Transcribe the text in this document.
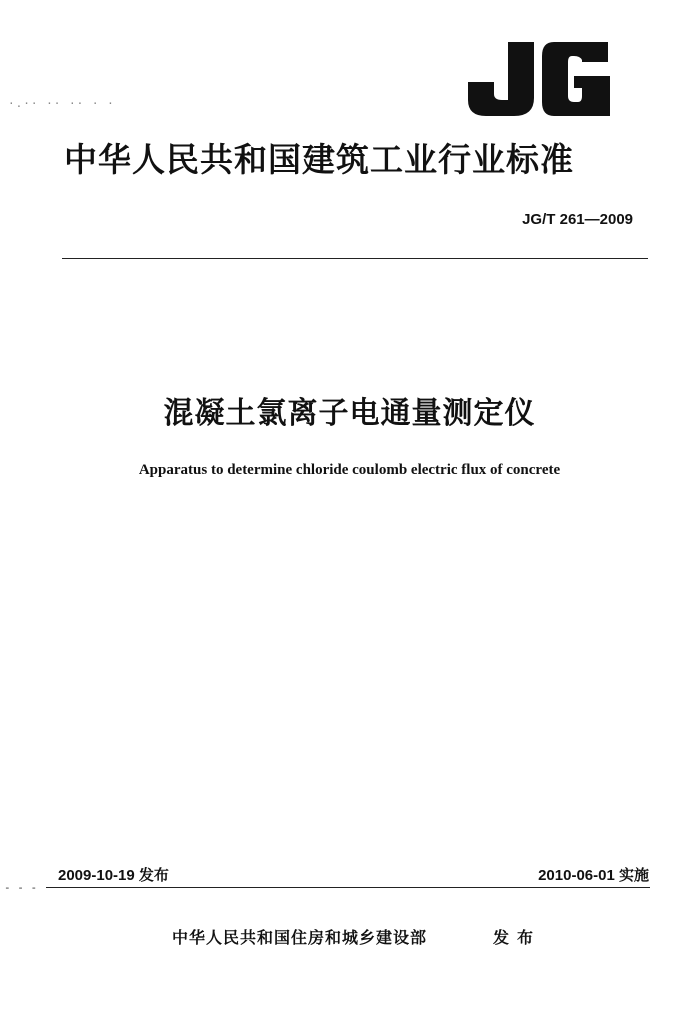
·.·· ·· ·· · ·
中华人民共和国建筑工业行业标准
JG/T 261—2009
混凝土氯离子电通量测定仪
Apparatus to determine chloride coulomb electric flux of concrete
2009-10-19 发布	2010-06-01 实施
- - -
中华人民共和国住房和城乡建设部	发布
